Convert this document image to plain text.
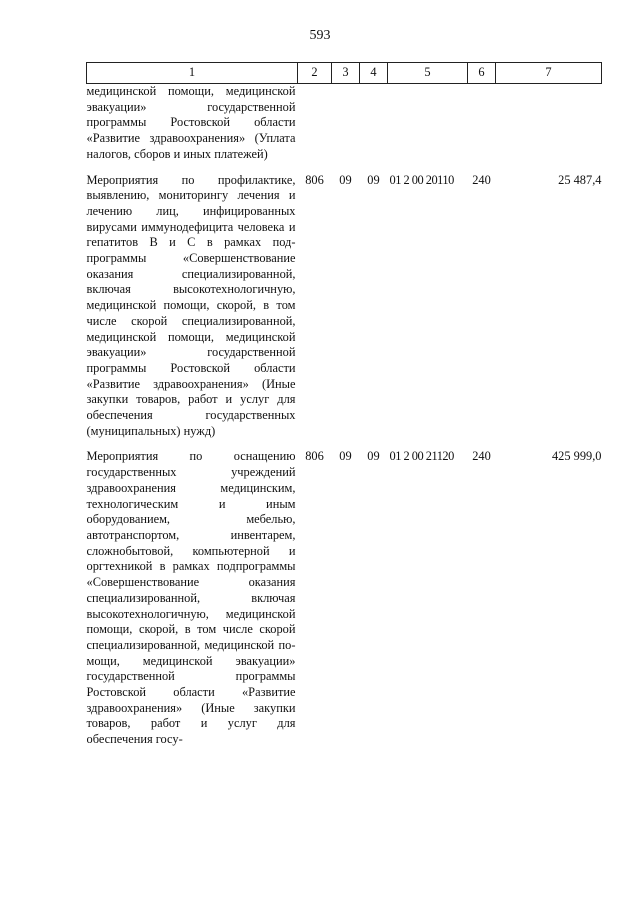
593
1	2	3	4	5	6	7
медицинской помощи, медицинской эвакуации» государственной программы Ростовской области «Развитие здравоохранения» (Уплата налогов, сборов и иных платежей)						

Мероприятия по профилактике, выявлению, мониторингу лечения и лечению лиц, инфицированных вирусами иммунодефицита человека и гепатитов В и С в рамках подпрограммы «Совершенствование оказания специализированной, включая высокотехнологичную, медицинской помощи, скорой, в том числе скорой специализированной, медицинской помощи, медицинской эвакуации» государственной программы Ростовской области «Развитие здравоохранения» (Иные закупки товаров, работ и услуг для обеспечения государственных (муниципальных) нужд)	806	09	09	01 2 00 20110	240	25 487,4

Мероприятия по оснащению государственных учреждений здравоохранения медицинским, технологическим и иным оборудованием, мебелью, автотранспортом, инвентарем, сложнобытовой, компьютерной и оргтехникой в рамках подпрограммы «Совершенствование оказания специализированной, включая высокотехнологичную, медицинской помощи, скорой, в том числе скорой специализированной, медицинской помощи, медицинской эвакуации» государственной программы Ростовской области «Развитие здравоохранения» (Иные закупки товаров, работ и услуг для обеспечения госу-	806	09	09	01 2 00 21120	240	425 999,0
